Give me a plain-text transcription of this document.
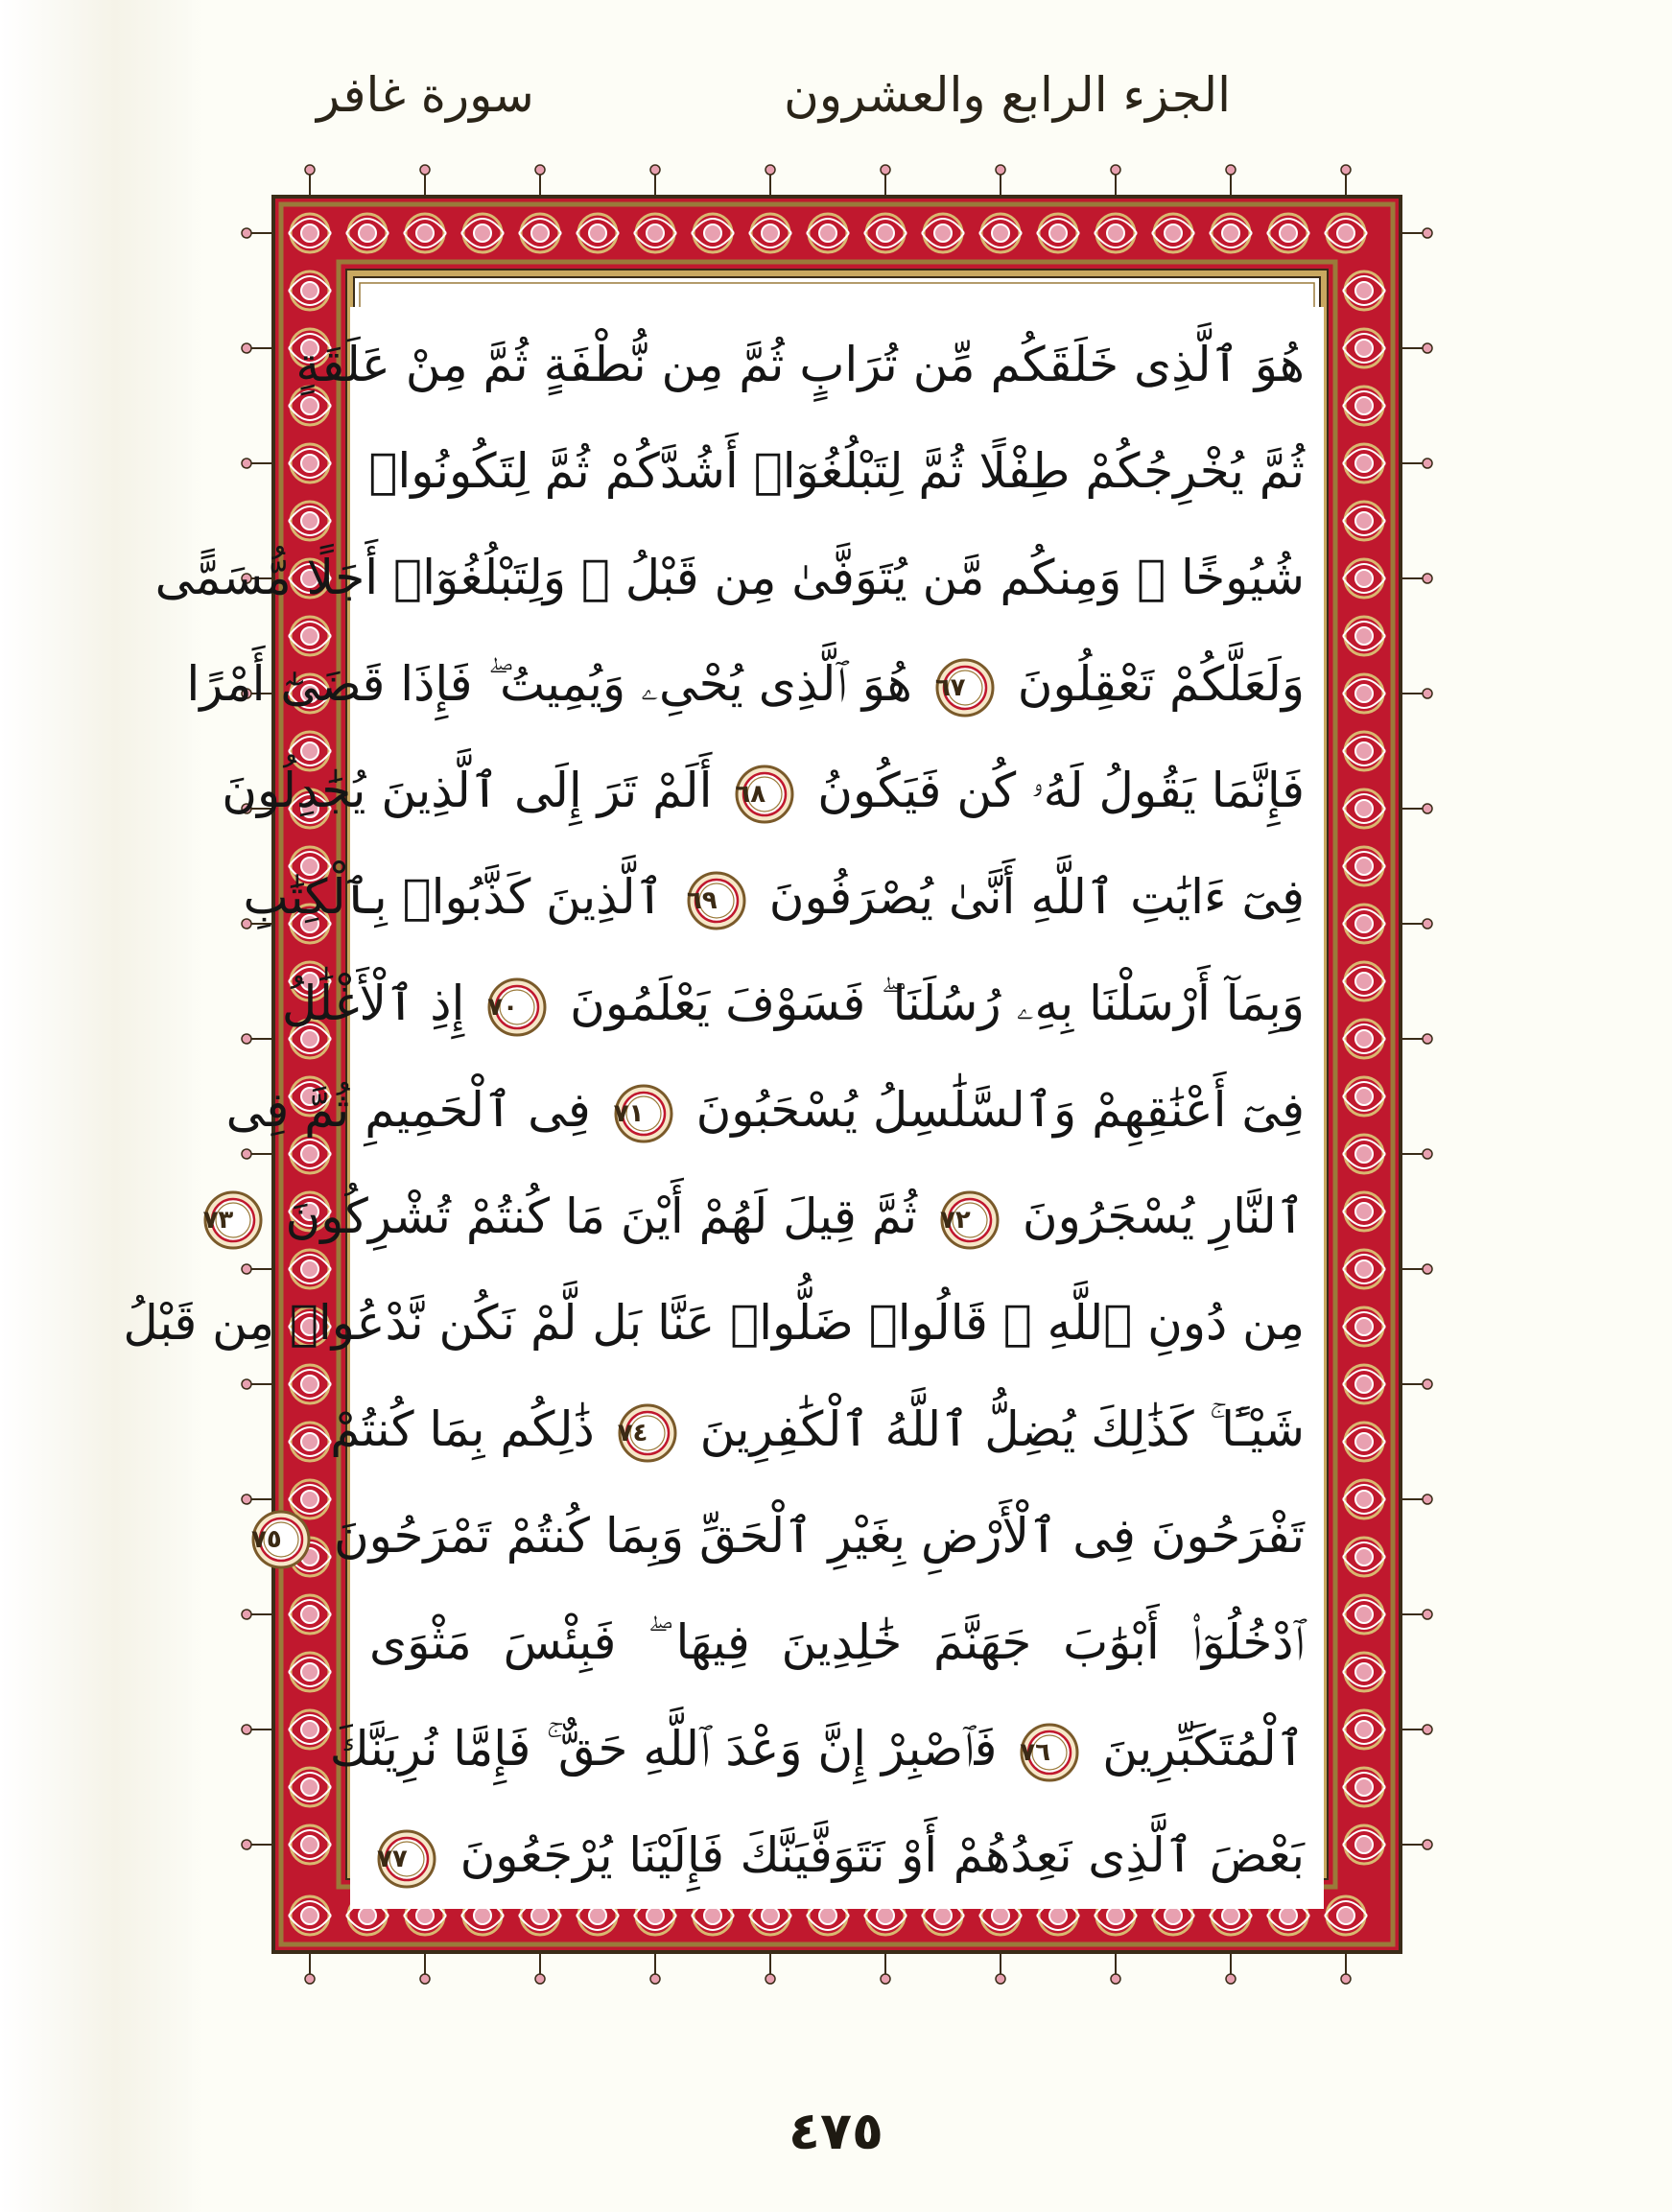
الجزء الرابع والعشرون
سورة غافر
هُوَ ٱلَّذِى خَلَقَكُم مِّن تُرَابٍ ثُمَّ مِن نُّطْفَةٍ ثُمَّ مِنْ عَلَقَةٍ
ثُمَّ يُخْرِجُكُمْ طِفْلًا ثُمَّ لِتَبْلُغُوٓا۟ أَشُدَّكُمْ ثُمَّ لِتَكُونُوا۟
شُيُوخًا ۚ وَمِنكُم مَّن يُتَوَفَّىٰ مِن قَبْلُ ۖ وَلِتَبْلُغُوٓا۟ أَجَلًا مُّسَمًّى
وَلَعَلَّكُمْ تَعْقِلُونَ
٦٧
هُوَ ٱلَّذِى يُحْىِۦ وَيُمِيتُ ۖ فَإِذَا قَضَىٰٓ أَمْرًا
فَإِنَّمَا يَقُولُ لَهُۥ كُن فَيَكُونُ
٦٨
أَلَمْ تَرَ إِلَى ٱلَّذِينَ يُجَٰدِلُونَ
فِىٓ ءَايَٰتِ ٱللَّهِ أَنَّىٰ يُصْرَفُونَ
٦٩
ٱلَّذِينَ كَذَّبُوا۟ بِٱلْكِتَٰبِ
وَبِمَآ أَرْسَلْنَا بِهِۦ رُسُلَنَا ۖ فَسَوْفَ يَعْلَمُونَ
٧٠
إِذِ ٱلْأَغْلَٰلُ
فِىٓ أَعْنَٰقِهِمْ وَٱلسَّلَٰسِلُ يُسْحَبُونَ
٧١
فِى ٱلْحَمِيمِ ثُمَّ فِى
ٱلنَّارِ يُسْجَرُونَ
٧٢
ثُمَّ قِيلَ لَهُمْ أَيْنَ مَا كُنتُمْ تُشْرِكُونَ
٧٣
مِن دُونِ ٱللَّهِ ۖ قَالُوا۟ ضَلُّوا۟ عَنَّا بَل لَّمْ نَكُن نَّدْعُوا۟ مِن قَبْلُ
شَيْـًٔا ۚ كَذَٰلِكَ يُضِلُّ ٱللَّهُ ٱلْكَٰفِرِينَ
٧٤
ذَٰلِكُم بِمَا كُنتُمْ
تَفْرَحُونَ فِى ٱلْأَرْضِ بِغَيْرِ ٱلْحَقِّ وَبِمَا كُنتُمْ تَمْرَحُونَ
٧٥
ٱدْخُلُوٓا۟ أَبْوَٰبَ جَهَنَّمَ خَٰلِدِينَ فِيهَا ۖ فَبِئْسَ مَثْوَى
ٱلْمُتَكَبِّرِينَ
٧٦
فَٱصْبِرْ إِنَّ وَعْدَ ٱللَّهِ حَقٌّ ۚ فَإِمَّا نُرِيَنَّكَ
بَعْضَ ٱلَّذِى نَعِدُهُمْ أَوْ نَتَوَفَّيَنَّكَ فَإِلَيْنَا يُرْجَعُونَ
٧٧
٤٧٥
